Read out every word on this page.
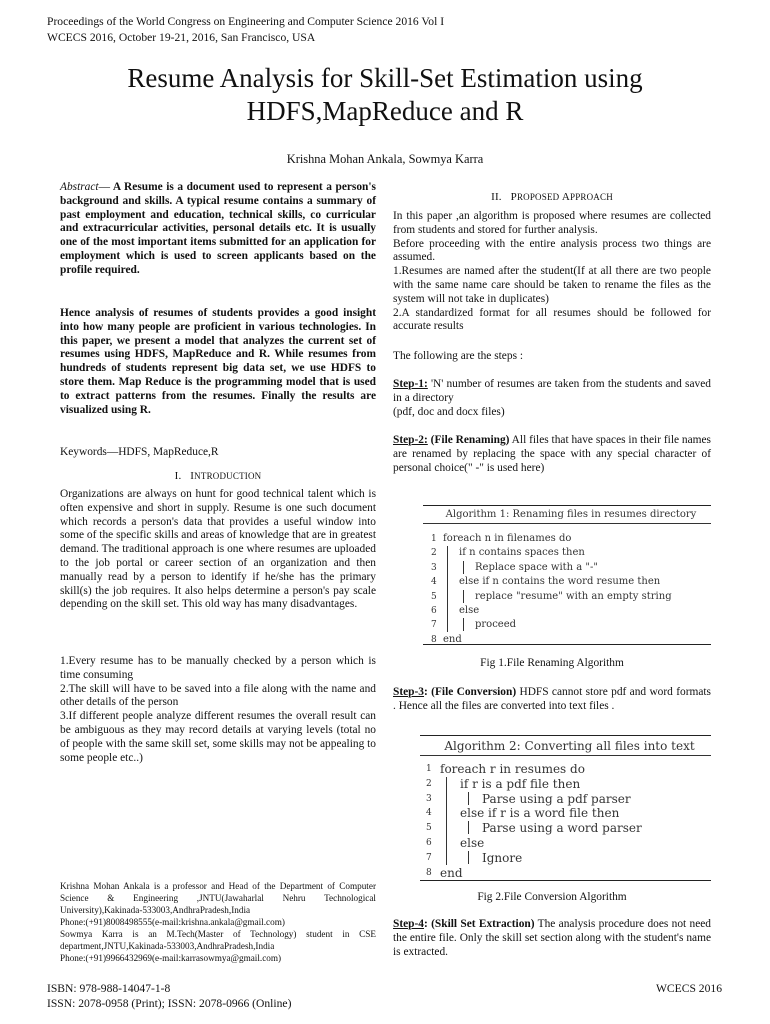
Proceedings of the World Congress on Engineering and Computer Science 2016 Vol I
WCECS 2016, October 19-21, 2016, San Francisco, USA
Resume Analysis for Skill-Set Estimation using
HDFS,MapReduce and R
Krishna Mohan Ankala, Sowmya Karra
Abstract— A Resume is a document used to represent a person's background and skills. A typical resume contains a summary of past employment and education, technical skills, co curricular and extracurricular activities, personal details etc. It is usually one of the most important items submitted for an application for employment which is used to screen applicants based on the profile required.
Hence analysis of resumes of students provides a good insight into how many people are proficient in various technologies. In this paper, we present a model that analyzes the current set of resumes using HDFS, MapReduce and R. While resumes from hundreds of students represent big data set, we use HDFS to store them. Map Reduce is the programming model that is used to extract patterns from the resumes. Finally the results are visualized using R.
Keywords—HDFS, MapReduce,R
I. INTRODUCTION
Organizations are always on hunt for good technical talent which is often expensive and short in supply. Resume is one such document which records a person's data that provides a useful window into some of the specific skills and areas of knowledge that are in greatest demand. The traditional approach is one where resumes are uploaded to the job portal or career section of an organization and then manually read by a person to identify if he/she has the primary skill(s) the job requires. It also helps determine a person's pay scale depending on the skill set. This old way has many disadvantages.
1.Every resume has to be manually checked by a person which is time consuming
2.The skill will have to be saved into a file along with the name and other details of the person
3.If different people analyze different resumes the overall result can be ambiguous as they may record details at varying levels (total no of people with the same skill set, some skills may not be appealing to some people etc..)
Krishna Mohan Ankala is a professor and Head of the Department of Computer Science & Engineering ,JNTU(Jawaharlal Nehru Technological University),Kakinada-533003,AndhraPradesh,India
Phone:(+91)8008498555(e-mail:krishna.ankala@gmail.com)
Sowmya Karra is an M.Tech(Master of Technology) student in CSE department,JNTU,Kakinada-533003,AndhraPradesh,India
Phone:(+91)9966432969(e-mail:karrasowmya@gmail.com)
II. PROPOSED APPROACH
In this paper ,an algorithm is proposed where resumes are collected from students and stored for further analysis.
Before proceeding with the entire analysis process two things are assumed.
1.Resumes are named after the student(If at all there are two people with the same name care should be taken to rename the files as the system will not take in duplicates)
2.A standardized format for all resumes should be followed for accurate results
The following are the steps :
Step-1: 'N' number of resumes are taken from the students and saved in a directory
(pdf, doc and docx files)
Step-2: (File Renaming) All files that have spaces in their file names are renamed by replacing the space with any special character of personal choice(" -" is used here)
Algorithm 1: Renaming files in resumes directory
1 foreach n in filenames do
2	if n contains spaces then
3	Replace space with a "-"
4	else if n contains the word resume then
5	replace "resume" with an empty string
6	else
7	proceed
8 end
Fig 1.File Renaming Algorithm
Step-3: (File Conversion) HDFS cannot store pdf and word formats . Hence all the files are converted into text files .
Algorithm 2: Converting all files into text
1 foreach r in resumes do
2	if r is a pdf file then
3	Parse using a pdf parser
4	else if r is a word file then
5	Parse using a word parser
6	else
7	Ignore
8 end
Fig 2.File Conversion Algorithm
Step-4: (Skill Set Extraction) The analysis procedure does not need the entire file. Only the skill set section along with the student's name is extracted.
ISBN: 978-988-14047-1-8
ISSN: 2078-0958 (Print); ISSN: 2078-0966 (Online)
WCECS 2016
